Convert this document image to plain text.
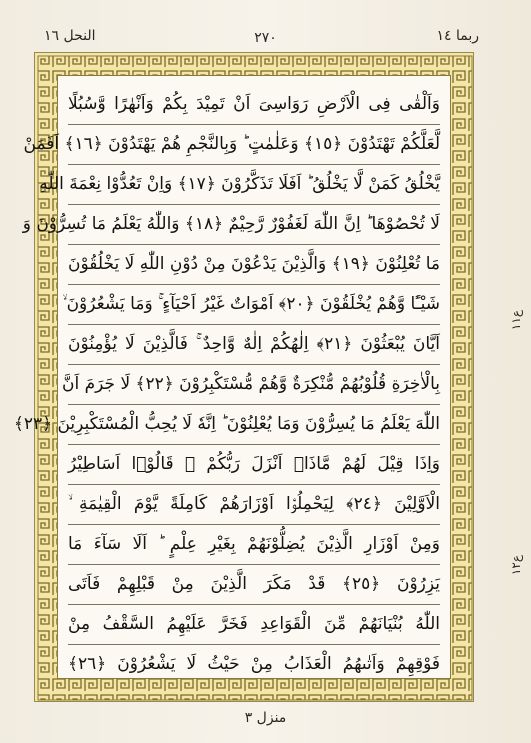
النحل ١٦	٢٧٠	ربما ١٤
وَاَلْقٰى فِى الْاَرْضِ رَوَاسِىَ اَنْ تَمِيْدَ بِكُمْ وَاَنْهٰرًا وَّسُبُلًا
لَّعَلَّكُمْ تَهْتَدُوْنَ ﴿١٥﴾ وَعَلٰمٰتٍ ؕ وَبِالنَّجْمِ هُمْ يَهْتَدُوْنَ ﴿١٦﴾ اَفَمَنْ
يَّخْلُقُ كَمَنْ لَّا يَخْلُقُ ؕ اَفَلَا تَذَكَّرُوْنَ ﴿١٧﴾ وَاِنْ تَعُدُّوْا نِعْمَةَ اللّٰهِ
لَا تُحْصُوْهَا ؕ اِنَّ اللّٰهَ لَغَفُوْرٌ رَّحِيْمٌ ﴿١٨﴾ وَاللّٰهُ يَعْلَمُ مَا تُسِرُّوْنَ وَ
مَا تُعْلِنُوْنَ ﴿١٩﴾ وَالَّذِيْنَ يَدْعُوْنَ مِنْ دُوْنِ اللّٰهِ لَا يَخْلُقُوْنَ
شَيْـًٔا وَّهُمْ يُخْلَقُوْنَ ﴿٢٠﴾ اَمْوَاتٌ غَيْرُ اَحْيَآءٍ ۚ وَمَا يَشْعُرُوْنَ ۙ
اَيَّانَ يُبْعَثُوْنَ ﴿٢١﴾ اِلٰهُكُمْ اِلٰهٌ وَّاحِدٌ ۚ فَالَّذِيْنَ لَا يُؤْمِنُوْنَ
بِالْاٰخِرَةِ قُلُوْبُهُمْ مُّنْكِرَةٌ وَّهُمْ مُّسْتَكْبِرُوْنَ ﴿٢٢﴾ لَا جَرَمَ اَنَّ
اللّٰهَ يَعْلَمُ مَا يُسِرُّوْنَ وَمَا يُعْلِنُوْنَ ؕ اِنَّهٗ لَا يُحِبُّ الْمُسْتَكْبِرِيْنَ ﴿٢٣﴾
وَاِذَا قِيْلَ لَهُمْ مَّاذَاۤ اَنْزَلَ رَبُّكُمْ ۙ قَالُوْۤا اَسَاطِيْرُ
الْاَوَّلِيْنَ ﴿٢٤﴾ لِيَحْمِلُوْۤا اَوْزَارَهُمْ كَامِلَةً يَّوْمَ الْقِيٰمَةِ ۙ
وَمِنْ اَوْزَارِ الَّذِيْنَ يُضِلُّوْنَهُمْ بِغَيْرِ عِلْمٍ ؕ اَلَا سَآءَ مَا
يَزِرُوْنَ ﴿٢٥﴾ قَدْ مَكَرَ الَّذِيْنَ مِنْ قَبْلِهِمْ فَاَتَى
اللّٰهُ بُنْيَانَهُمْ مِّنَ الْقَوَاعِدِ فَخَرَّ عَلَيْهِمُ السَّقْفُ مِنْ
فَوْقِهِمْ وَاَتٰىهُمُ الْعَذَابُ مِنْ حَيْثُ لَا يَشْعُرُوْنَ ﴿٢٦﴾
ع١١
ع١٢
منزل ٣
